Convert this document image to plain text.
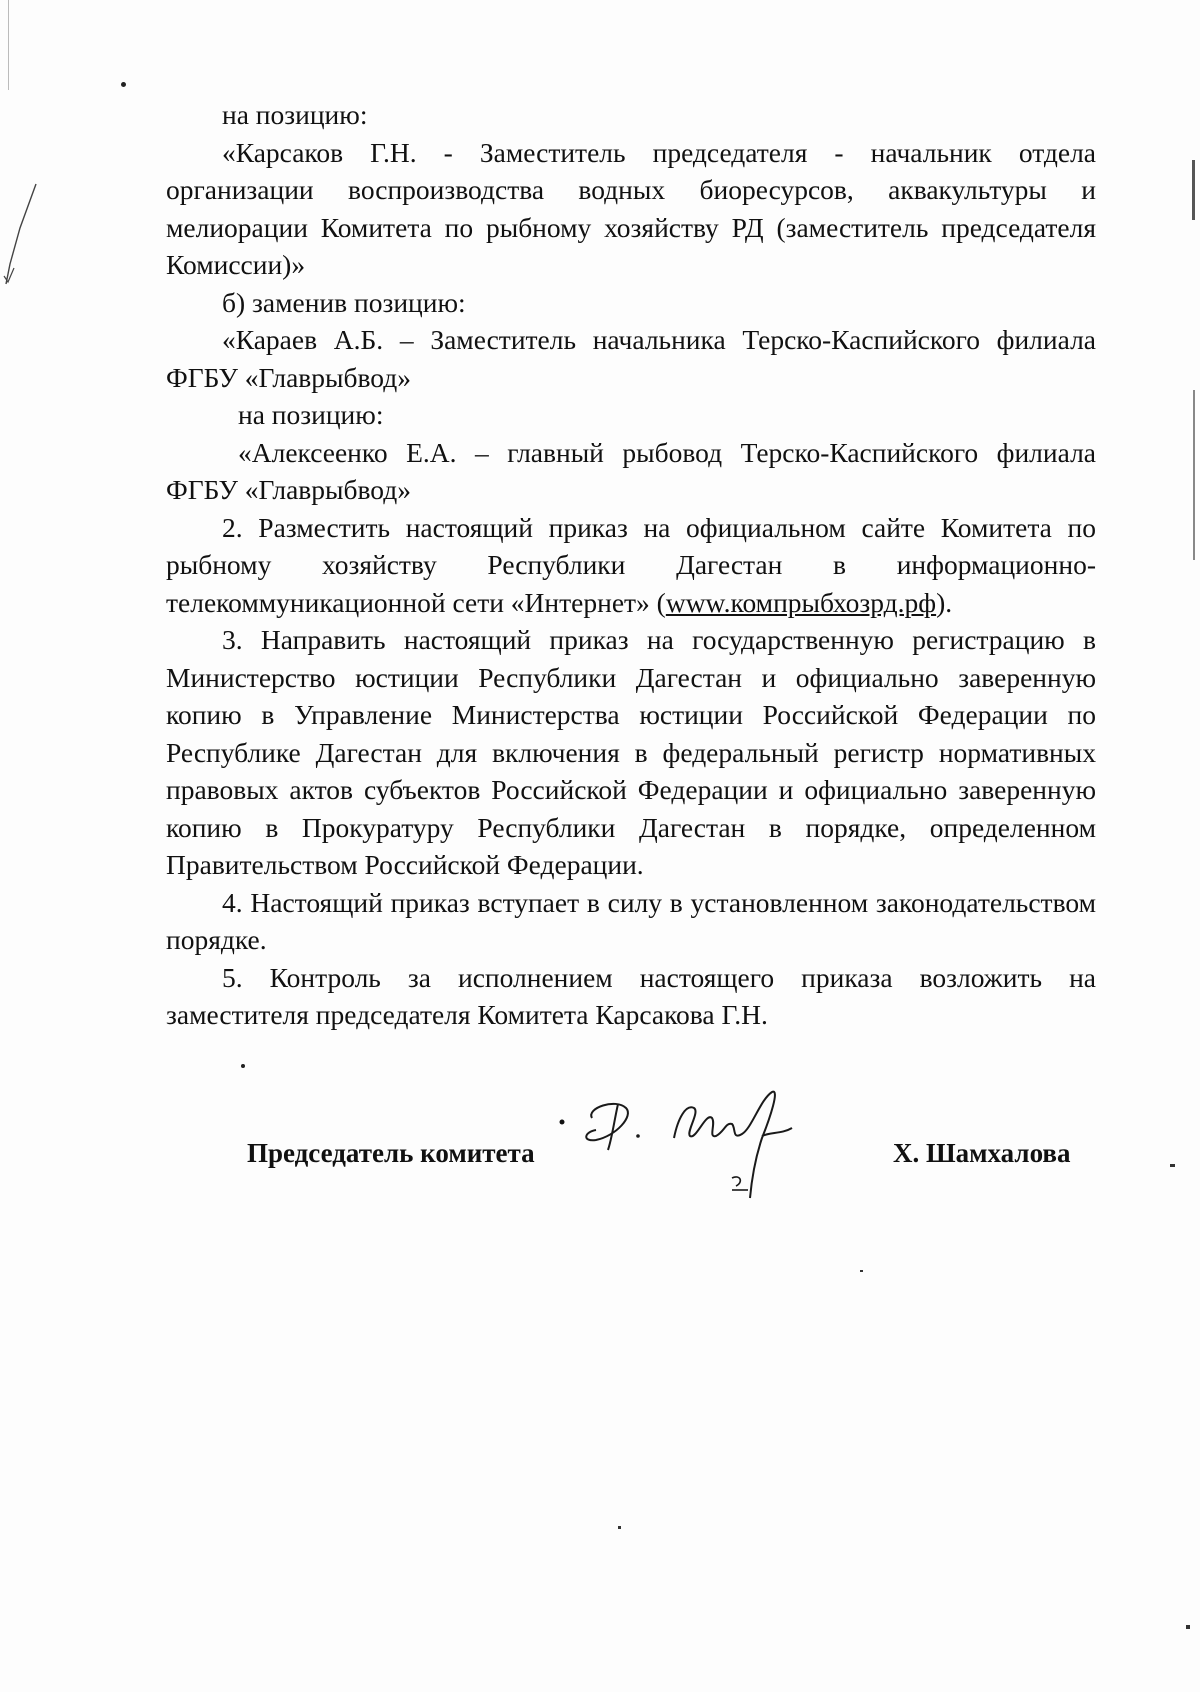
на позицию:

«Карсаков Г.Н. - Заместитель председателя - начальник отдела организации воспроизводства водных биоресурсов, аквакультуры и мелиорации Комитета по рыбному хозяйству РД (заместитель председателя Комиссии)»

б) заменив позицию:

«Караев А.Б. – Заместитель начальника Терско-Каспийского филиала ФГБУ «Главрыбвод»

на позицию:

«Алексеенко Е.А. – главный рыбовод Терско-Каспийского филиала ФГБУ «Главрыбвод»

2. Разместить настоящий приказ на официальном сайте Комитета по рыбному хозяйству Республики Дагестан в информационно-телекоммуникационной сети «Интернет» (www.компрыбхозрд.рф).

3. Направить настоящий приказ на государственную регистрацию в Министерство юстиции Республики Дагестан и официально заверенную копию в Управление Министерства юстиции Российской Федерации по Республике Дагестан для включения в федеральный регистр нормативных правовых актов субъектов Российской Федерации и официально заверенную копию в Прокуратуру Республики Дагестан в порядке, определенном Правительством Российской Федерации.

4. Настоящий приказ вступает в силу в установленном законодательством порядке.

5. Контроль за исполнением настоящего приказа возложить на заместителя председателя Комитета Карсакова Г.Н.

Председатель комитета	Х. Шамхалова
